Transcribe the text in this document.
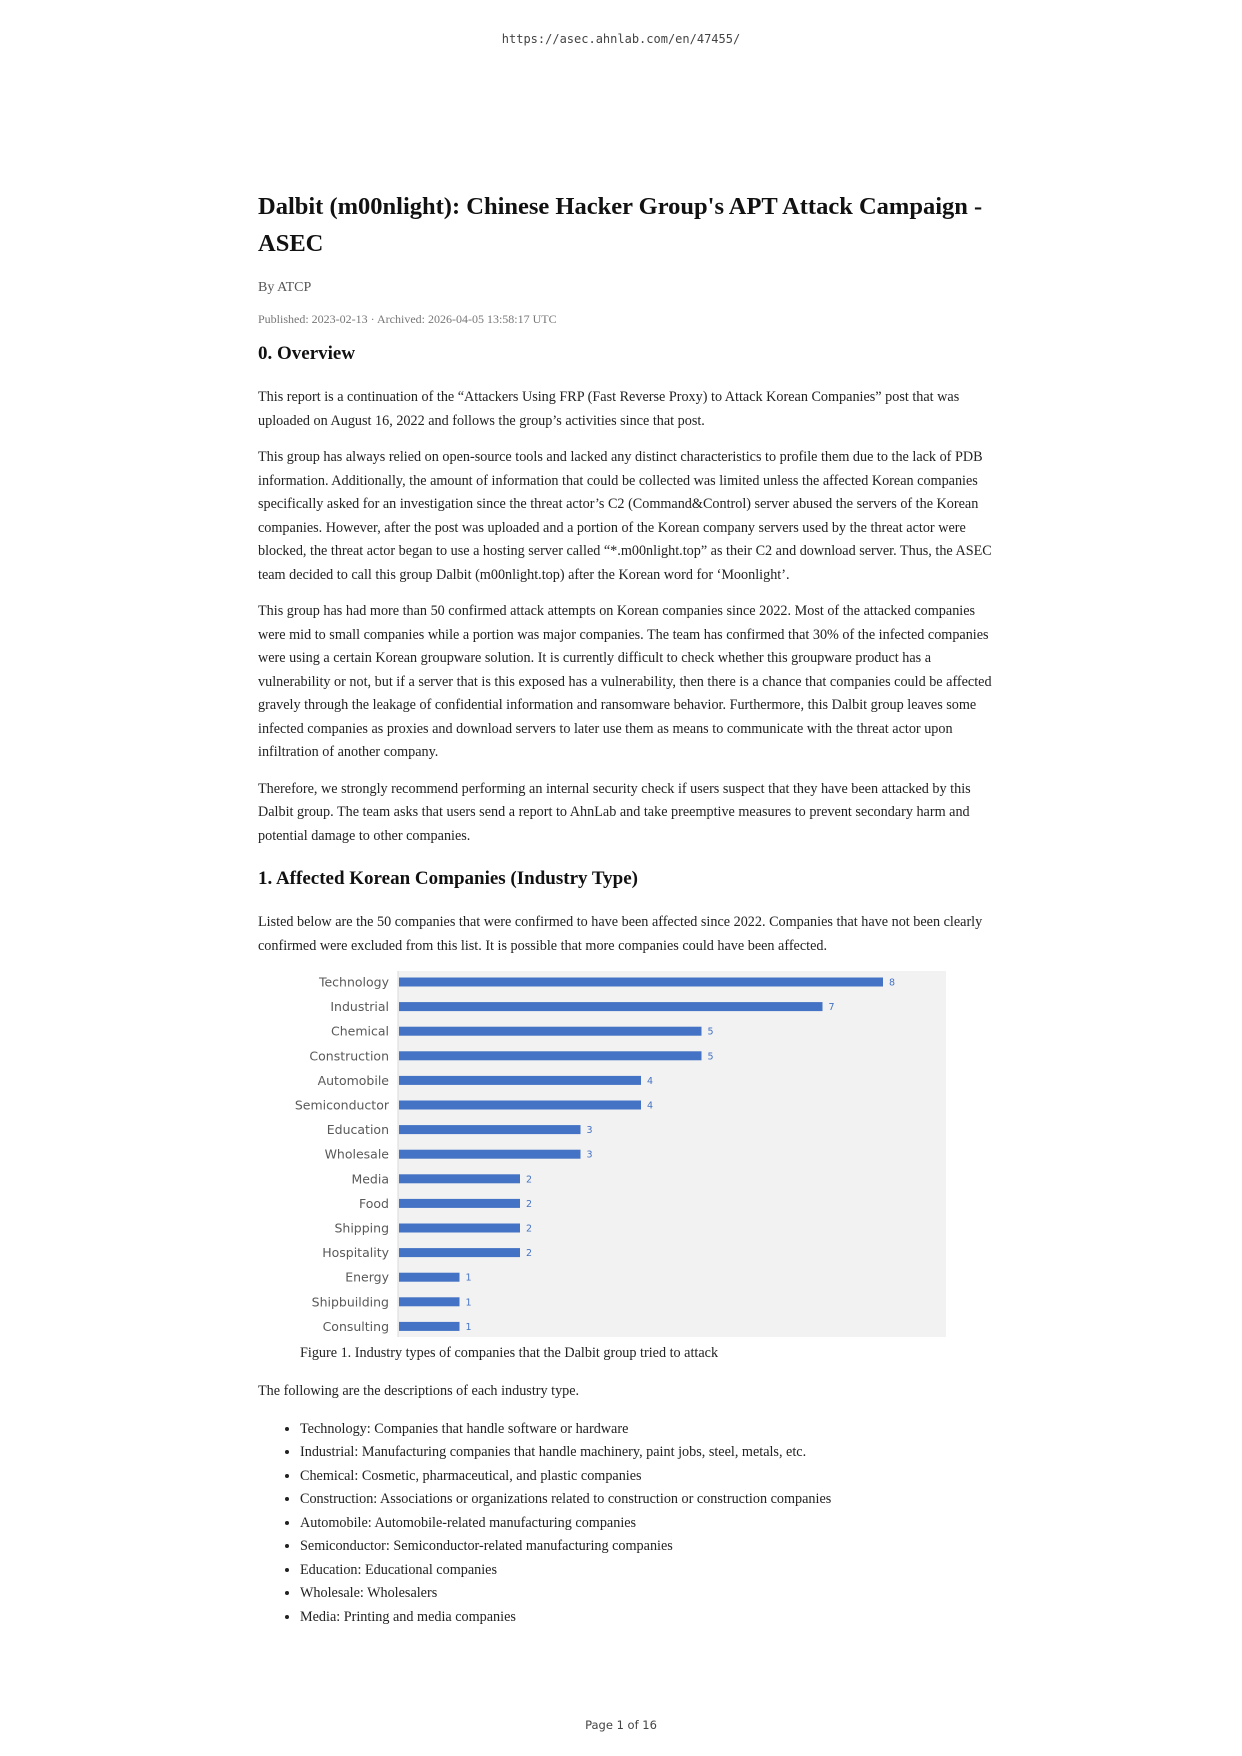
https://asec.ahnlab.com/en/47455/
Dalbit (m00nlight): Chinese Hacker Group's APT Attack Campaign - ASEC
By ATCP
Published: 2023-02-13 · Archived: 2026-04-05 13:58:17 UTC
0. Overview

This report is a continuation of the “Attackers Using FRP (Fast Reverse Proxy) to Attack Korean Companies” post that was uploaded on August 16, 2022 and follows the group’s activities since that post.

This group has always relied on open-source tools and lacked any distinct characteristics to profile them due to the lack of PDB information. Additionally, the amount of information that could be collected was limited unless the affected Korean companies specifically asked for an investigation since the threat actor’s C2 (Command&Control) server abused the servers of the Korean companies. However, after the post was uploaded and a portion of the Korean company servers used by the threat actor were blocked, the threat actor began to use a hosting server called “*.m00nlight.top” as their C2 and download server. Thus, the ASEC team decided to call this group Dalbit (m00nlight.top) after the Korean word for ‘Moonlight’.

This group has had more than 50 confirmed attack attempts on Korean companies since 2022. Most of the attacked companies were mid to small companies while a portion was major companies. The team has confirmed that 30% of the infected companies were using a certain Korean groupware solution. It is currently difficult to check whether this groupware product has a vulnerability or not, but if a server that is this exposed has a vulnerability, then there is a chance that companies could be affected gravely through the leakage of confidential information and ransomware behavior. Furthermore, this Dalbit group leaves some infected companies as proxies and download servers to later use them as means to communicate with the threat actor upon infiltration of another company.

Therefore, we strongly recommend performing an internal security check if users suspect that they have been attacked by this Dalbit group. The team asks that users send a report to AhnLab and take preemptive measures to prevent secondary harm and potential damage to other companies.

1. Affected Korean Companies (Industry Type)

Listed below are the 50 companies that were confirmed to have been affected since 2022. Companies that have not been clearly confirmed were excluded from this list. It is possible that more companies could have been affected.

Technology	8
Industrial	7
Chemical	5
Construction	5
Automobile	4
Semiconductor	4
Education	3
Wholesale	3
Media	2
Food	2
Shipping	2
Hospitality	2
Energy	1
Shipbuilding	1
Consulting	1
Figure 1. Industry types of companies that the Dalbit group tried to attack

The following are the descriptions of each industry type.

• Technology: Companies that handle software or hardware
• Industrial: Manufacturing companies that handle machinery, paint jobs, steel, metals, etc.
• Chemical: Cosmetic, pharmaceutical, and plastic companies
• Construction: Associations or organizations related to construction or construction companies
• Automobile: Automobile-related manufacturing companies
• Semiconductor: Semiconductor-related manufacturing companies
• Education: Educational companies
• Wholesale: Wholesalers
• Media: Printing and media companies
Page 1 of 16
